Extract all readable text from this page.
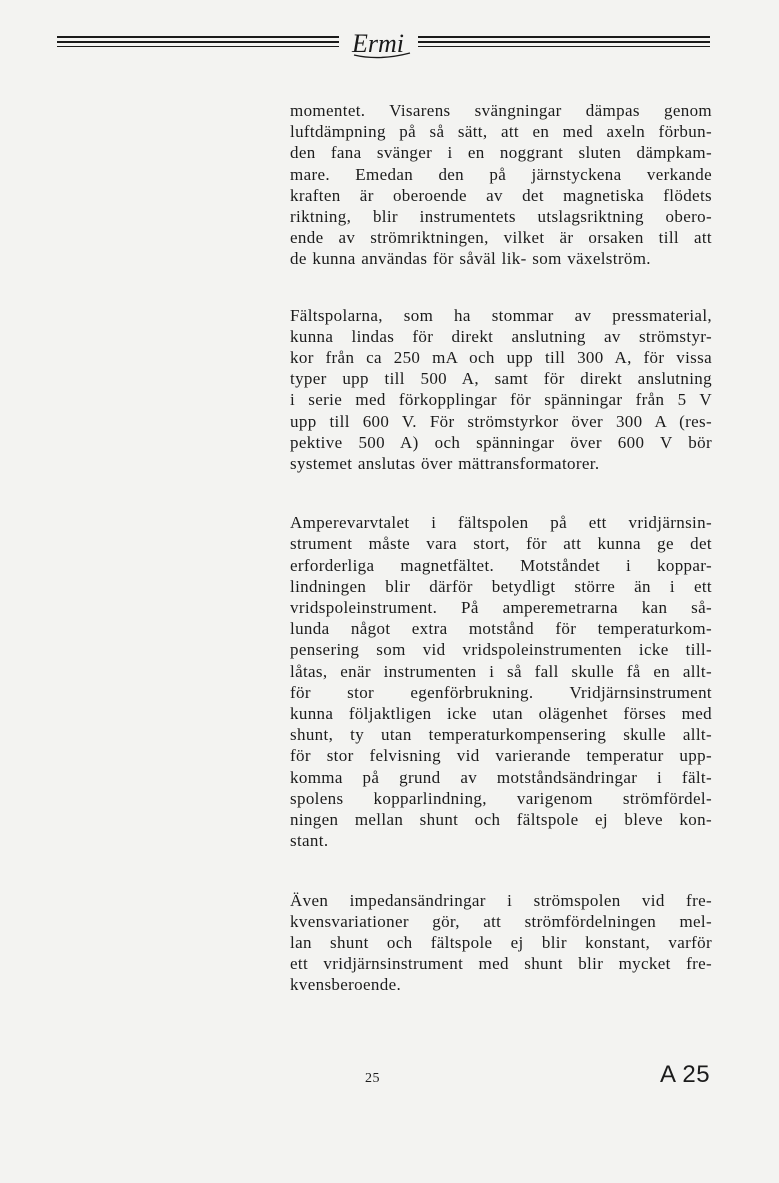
Ermi
momentet. Visarens svängningar dämpas genom
luftdämpning på så sätt, att en med axeln förbun-
den fana svänger i en noggrant sluten dämpkam-
mare. Emedan den på järnstyckena verkande
kraften är oberoende av det magnetiska flödets
riktning, blir instrumentets utslagsriktning obero-
ende av strömriktningen, vilket är orsaken till att
de kunna användas för såväl lik- som växelström.
Fältspolarna, som ha stommar av pressmaterial,
kunna lindas för direkt anslutning av strömstyr-
kor från ca 250 mA och upp till 300 A, för vissa
typer upp till 500 A, samt för direkt anslutning
i serie med förkopplingar för spänningar från 5 V
upp till 600 V. För strömstyrkor över 300 A (res-
pektive 500 A) och spänningar över 600 V bör
systemet anslutas över mättransformatorer.
Amperevarvtalet i fältspolen på ett vridjärnsin-
strument måste vara stort, för att kunna ge det
erforderliga magnetfältet. Motståndet i koppar-
lindningen blir därför betydligt större än i ett
vridspoleinstrument. På amperemetrarna kan så-
lunda något extra motstånd för temperaturkom-
pensering som vid vridspoleinstrumenten icke till-
låtas, enär instrumenten i så fall skulle få en allt-
för stor egenförbrukning. Vridjärnsinstrument
kunna följaktligen icke utan olägenhet förses med
shunt, ty utan temperaturkompensering skulle allt-
för stor felvisning vid varierande temperatur upp-
komma på grund av motståndsändringar i fält-
spolens kopparlindning, varigenom strömfördel-
ningen mellan shunt och fältspole ej bleve kon-
stant.
Även impedansändringar i strömspolen vid fre-
kvensvariationer gör, att strömfördelningen mel-
lan shunt och fältspole ej blir konstant, varför
ett vridjärnsinstrument med shunt blir mycket fre-
kvensberoende.
25	A 25
